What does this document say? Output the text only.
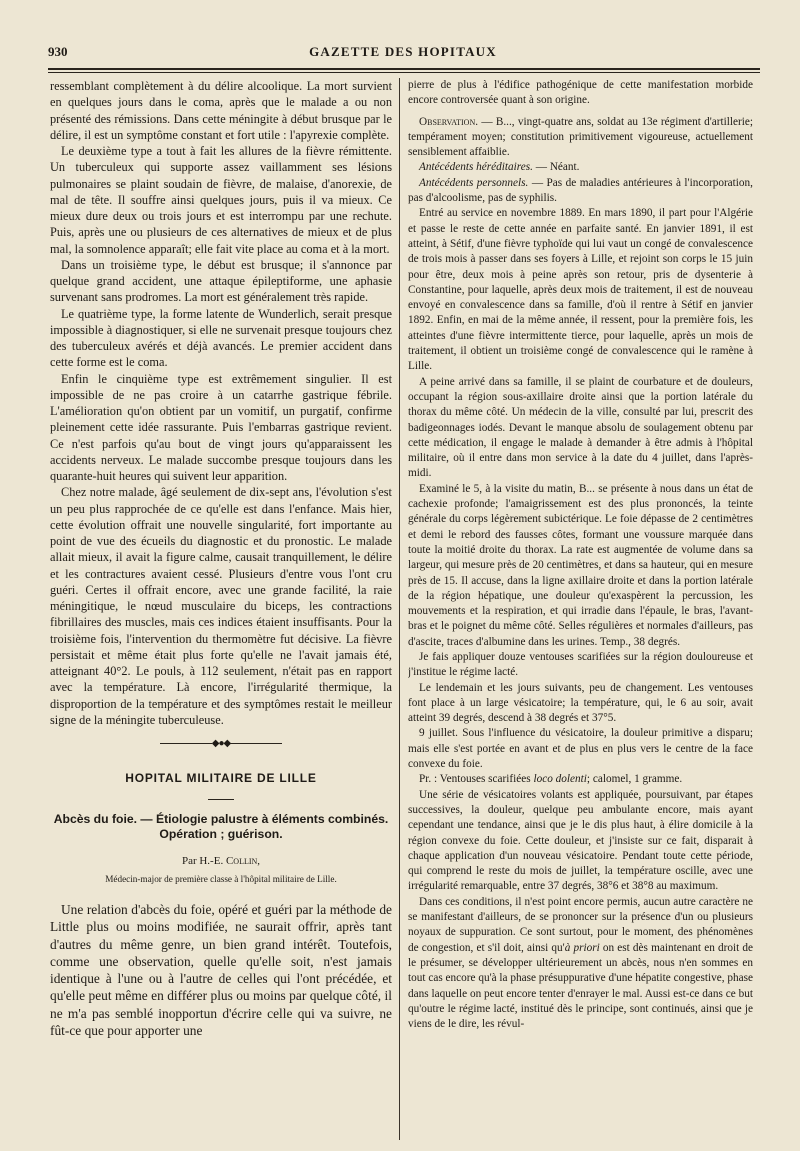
930	GAZETTE DES HOPITAUX

ressemblant complètement à du délire alcoolique. La mort survient en quelques jours dans le coma, après que le malade a ou non présenté des rémissions. Dans cette méningite à début brusque par le délire, il est un symptôme constant et fort utile : l'apyrexie complète.

Le deuxième type a tout à fait les allures de la fièvre rémittente. Un tuberculeux qui supporte assez vaillamment ses lésions pulmonaires se plaint soudain de fièvre, de malaise, d'anorexie, de mal de tête. Il souffre ainsi quelques jours, puis il va mieux. Ce mieux dure deux ou trois jours et est interrompu par une rechute. Puis, après une ou plusieurs de ces alternatives de mieux et de plus mal, la somnolence apparaît; elle fait vite place au coma et à la mort.

Dans un troisième type, le début est brusque; il s'annonce par quelque grand accident, une attaque épileptiforme, une aphasie survenant sans prodromes. La mort est généralement très rapide.

Le quatrième type, la forme latente de Wunderlich, serait presque impossible à diagnostiquer, si elle ne survenait presque toujours chez des tuberculeux avérés et déjà avancés. Le premier accident dans cette forme est le coma.

Enfin le cinquième type est extrêmement singulier. Il est impossible de ne pas croire à un catarrhe gastrique fébrile. L'amélioration qu'on obtient par un vomitif, un purgatif, confirme pleinement cette idée rassurante. Puis l'embarras gastrique revient. Ce n'est parfois qu'au bout de vingt jours qu'apparaissent les accidents nerveux. Le malade succombe presque toujours dans les quarante-huit heures qui suivent leur apparition.

Chez notre malade, âgé seulement de dix-sept ans, l'évolution s'est un peu plus rapprochée de ce qu'elle est dans l'enfance. Mais hier, cette évolution offrait une nouvelle singularité, fort importante au point de vue des écueils du diagnostic et du pronostic. Le malade allait mieux, il avait la figure calme, causait tranquillement, le délire et les contractures avaient cessé. Plusieurs d'entre vous l'ont cru guéri. Certes il offrait encore, avec une grande facilité, la raie méningitique, le nœud musculaire du biceps, les contractions fibrillaires des muscles, mais ces indices étaient insuffisants. Pour la troisième fois, l'intervention du thermomètre fut décisive. La fièvre persistait et même était plus forte qu'elle ne l'avait jamais été, atteignant 40°2. Le pouls, à 112 seulement, n'était pas en rapport avec la température. Là encore, l'irrégularité thermique, la disproportion de la température et des symptômes restait le meilleur signe de la méningite tuberculeuse.

◆●◆
HOPITAL MILITAIRE DE LILLE
Abcès du foie. — Étiologie palustre à éléments combinés. Opération ; guérison.
Par H.-E. Collin,
Médecin-major de première classe à l'hôpital militaire de Lille.

Une relation d'abcès du foie, opéré et guéri par la méthode de Little plus ou moins modifiée, ne saurait offrir, après tant d'autres du même genre, un bien grand intérêt. Toutefois, comme une observation, quelle qu'elle soit, n'est jamais identique à l'une ou à l'autre de celles qui l'ont précédée, et qu'elle peut même en différer plus ou moins par quelque côté, il ne m'a pas semblé inopportun d'écrire celle qui va suivre, ne fût-ce que pour apporter une

pierre de plus à l'édifice pathogénique de cette manifestation morbide encore controversée quant à son origine.

Observation. — B..., vingt-quatre ans, soldat au 13e régiment d'artillerie; tempérament moyen; constitution primitivement vigoureuse, actuellement sensiblement affaiblie.

Antécédents héréditaires. — Néant.

Antécédents personnels. — Pas de maladies antérieures à l'incorporation, pas d'alcoolisme, pas de syphilis.

Entré au service en novembre 1889. En mars 1890, il part pour l'Algérie et passe le reste de cette année en parfaite santé. En janvier 1891, il est atteint, à Sétif, d'une fièvre typhoïde qui lui vaut un congé de convalescence de trois mois à passer dans ses foyers à Lille, et rejoint son corps le 15 juin pour être, deux mois à peine après son retour, pris de dysenterie à Constantine, pour laquelle, après deux mois de traitement, il est de nouveau envoyé en convalescence dans sa famille, d'où il rentre à Sétif en janvier 1892. Enfin, en mai de la même année, il ressent, pour la première fois, les atteintes d'une fièvre intermittente tierce, pour laquelle, après un mois de traitement, il obtient un troisième congé de convalescence qui le ramène à Lille.

A peine arrivé dans sa famille, il se plaint de courbature et de douleurs, occupant la région sous-axillaire droite ainsi que la portion latérale du thorax du même côté. Un médecin de la ville, consulté par lui, prescrit des badigeonnages iodés. Devant le manque absolu de soulagement obtenu par cette médication, il engage le malade à demander à être admis à l'hôpital militaire, où il entre dans mon service à la date du 4 juillet, dans l'après-midi.

Examiné le 5, à la visite du matin, B... se présente à nous dans un état de cachexie profonde; l'amaigrissement est des plus prononcés, la teinte générale du corps légèrement subictérique. Le foie dépasse de 2 centimètres et demi le rebord des fausses côtes, formant une voussure marquée dans toute la moitié droite du thorax. La rate est augmentée de volume dans sa largeur, qui mesure près de 20 centimètres, et dans sa hauteur, qui en mesure près de 15. Il accuse, dans la ligne axillaire droite et dans la portion latérale de la région hépatique, une douleur qu'exaspèrent la percussion, les mouvements et la respiration, et qui irradie dans l'épaule, le bras, l'avant-bras et le poignet du même côté. Selles régulières et normales d'ailleurs, pas d'ascite, traces d'albumine dans les urines. Temp., 38 degrés.

Je fais appliquer douze ventouses scarifiées sur la région douloureuse et j'institue le régime lacté.

Le lendemain et les jours suivants, peu de changement. Les ventouses font place à un large vésicatoire; la température, qui, le 6 au soir, avait atteint 39 degrés, descend à 38 degrés et 37°5.

9 juillet. Sous l'influence du vésicatoire, la douleur primitive a disparu; mais elle s'est portée en avant et de plus en plus vers le centre de la face convexe du foie.

Pr. : Ventouses scarifiées loco dolenti; calomel, 1 gramme.

Une série de vésicatoires volants est appliquée, poursuivant, par étapes successives, la douleur, quelque peu ambulante encore, mais ayant cependant une tendance, ainsi que je le dis plus haut, à élire domicile à la région convexe du foie. Cette douleur, et j'insiste sur ce fait, disparait à chaque application d'un nouveau vésicatoire. Pendant toute cette période, qui comprend le reste du mois de juillet, la température oscille, avec une irrégularité remarquable, entre 37 degrés, 38°6 et 38°8 au maximum.

Dans ces conditions, il n'est point encore permis, aucun autre caractère ne se manifestant d'ailleurs, de se prononcer sur la présence d'un ou plusieurs noyaux de suppuration. Ce sont surtout, pour le moment, des phénomènes de congestion, et s'il doit, ainsi qu'à priori on est dès maintenant en droit de le présumer, se développer ultérieurement un abcès, nous n'en sommes en tout cas encore qu'à la phase présuppurative d'une hépatite congestive, phase dans laquelle on peut encore tenter d'enrayer le mal. Aussi est-ce dans ce but qu'outre le régime lacté, institué dès le principe, sont continués, ainsi que je viens de le dire, les révul-
